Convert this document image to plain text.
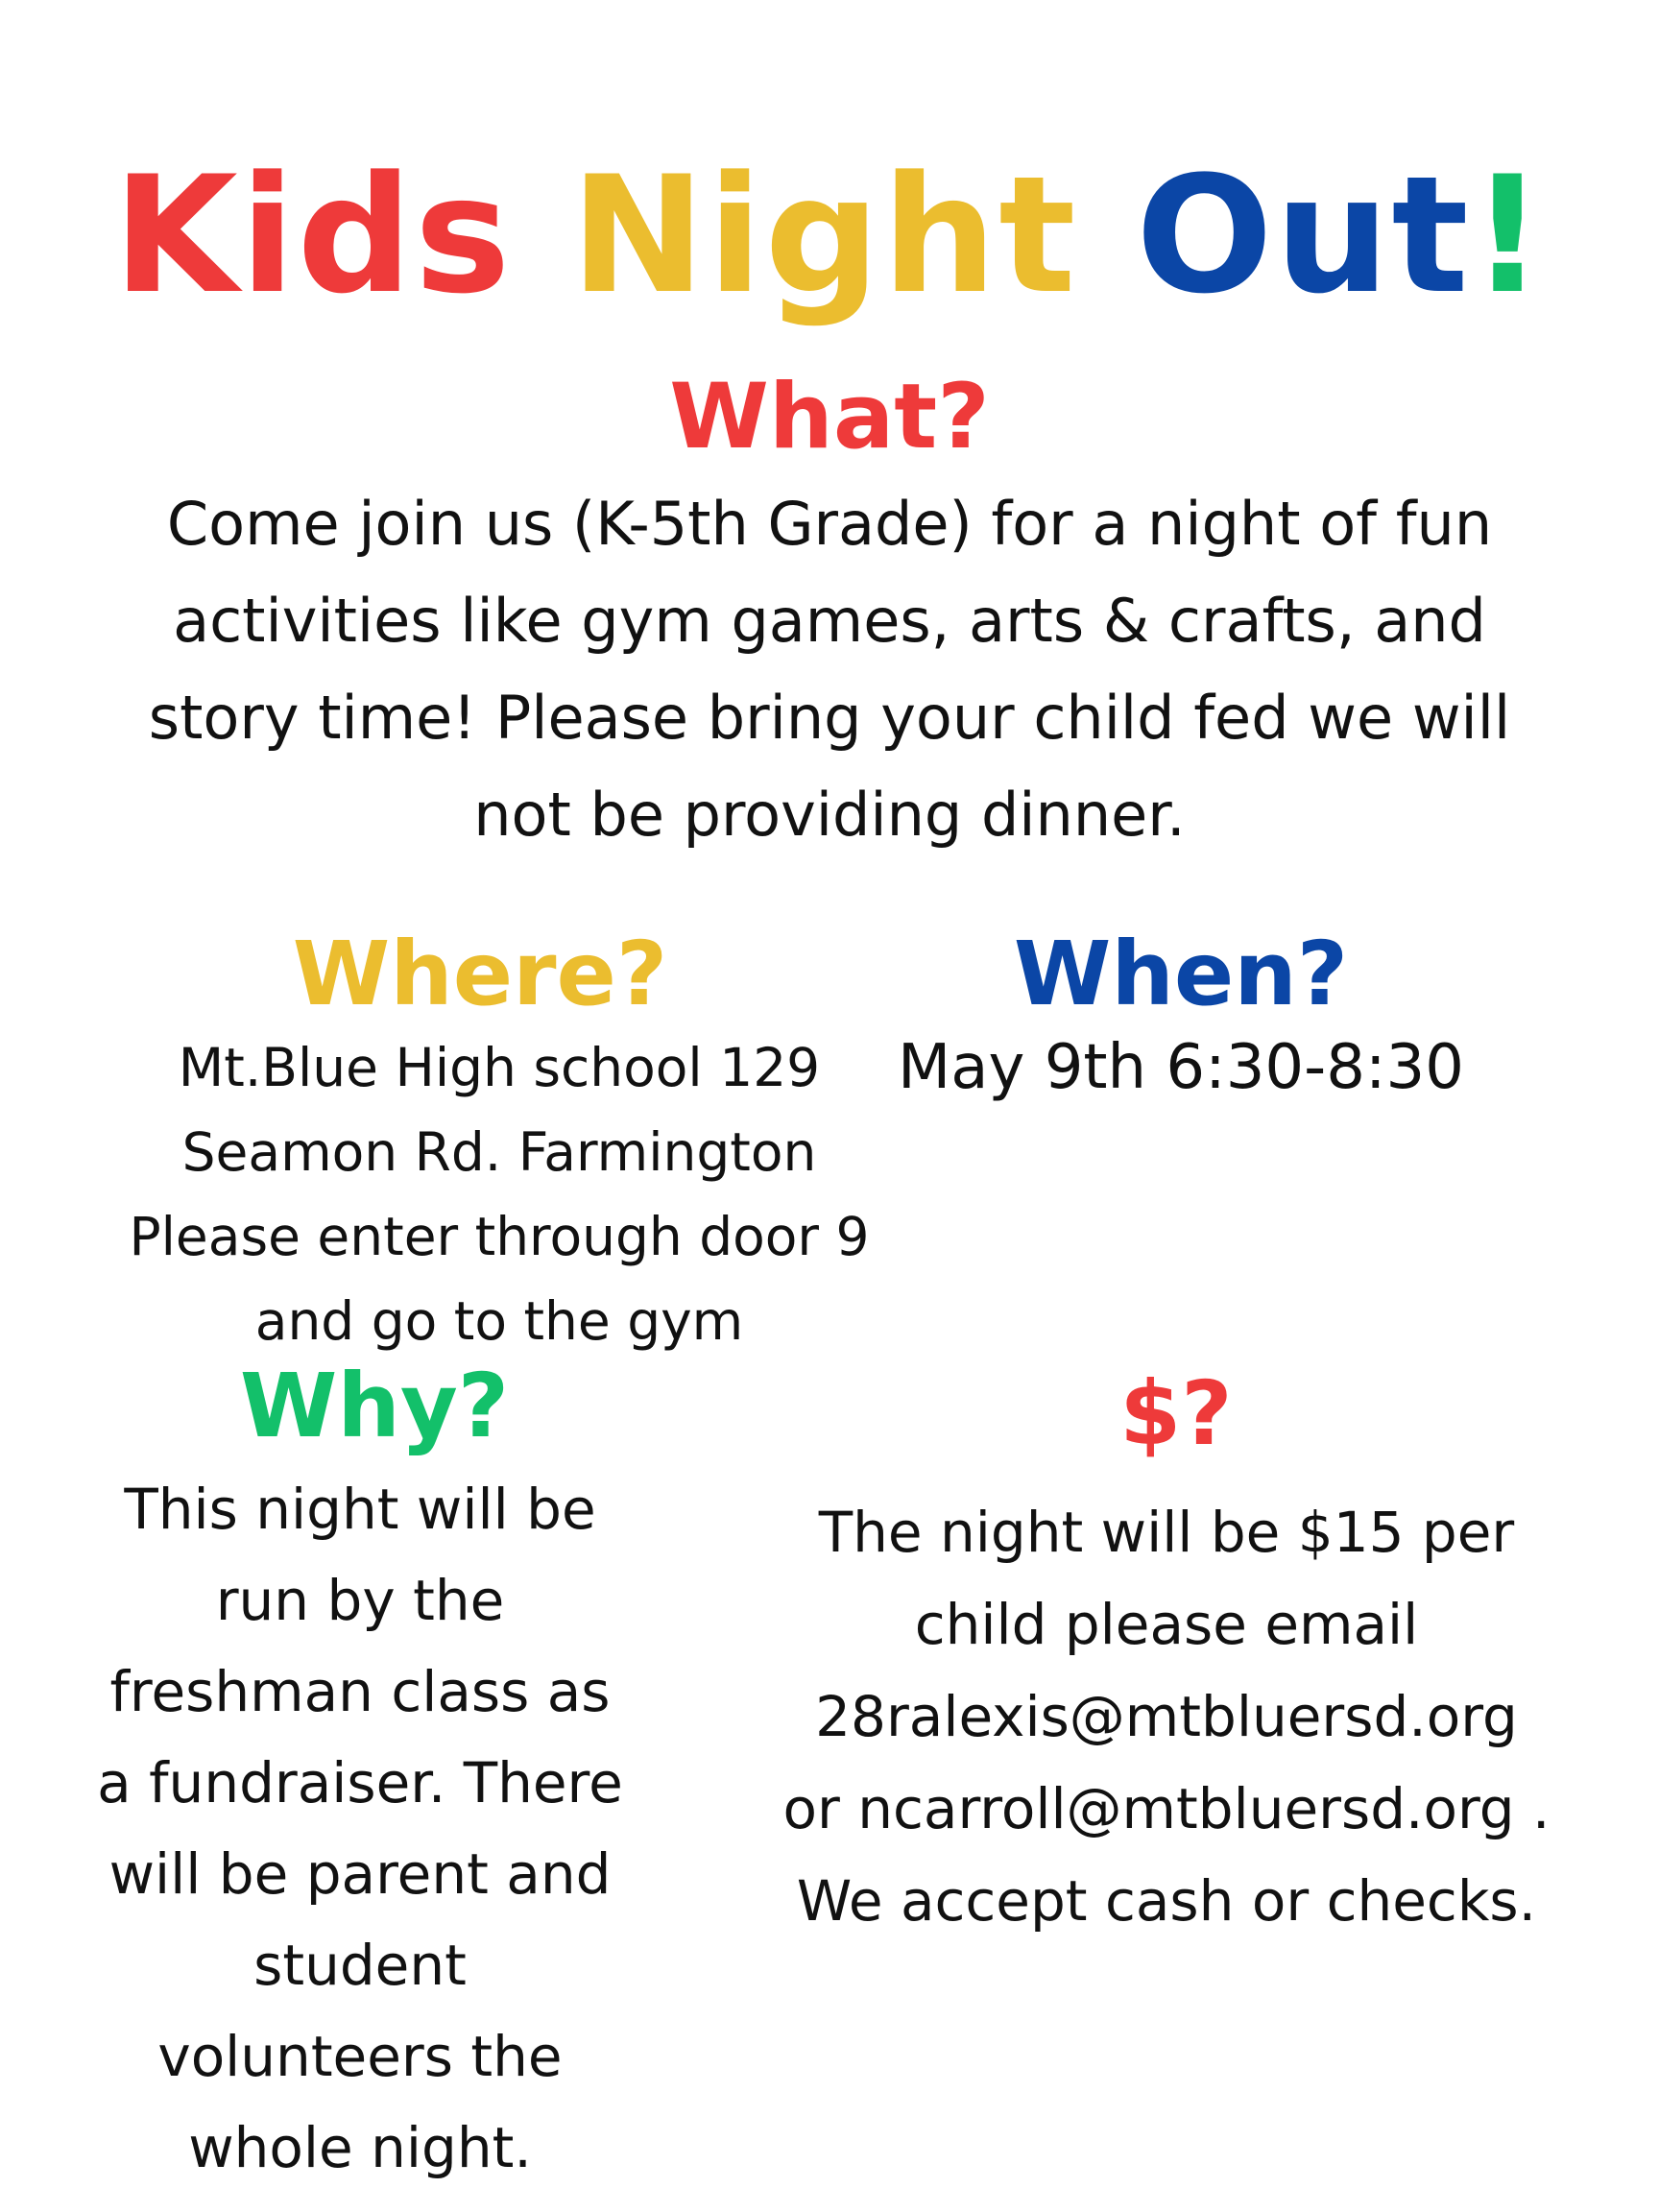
Kids Night Out!
What?
Come join us (K-5th Grade) for a night of fun
activities like gym games, arts & crafts, and
story time! Please bring your child fed we will
not be providing dinner.
Where?
Mt.Blue High school 129
Seamon Rd. Farmington
Please enter through door 9
and go to the gym
When?
May 9th 6:30-8:30
Why?
This night will be
run by the
freshman class as
a fundraiser. There
will be parent and
student
volunteers the
whole night.
$?
The night will be $15 per
child please email
28ralexis@mtbluersd.org
or ncarroll@mtbluersd.org .
We accept cash or checks.
